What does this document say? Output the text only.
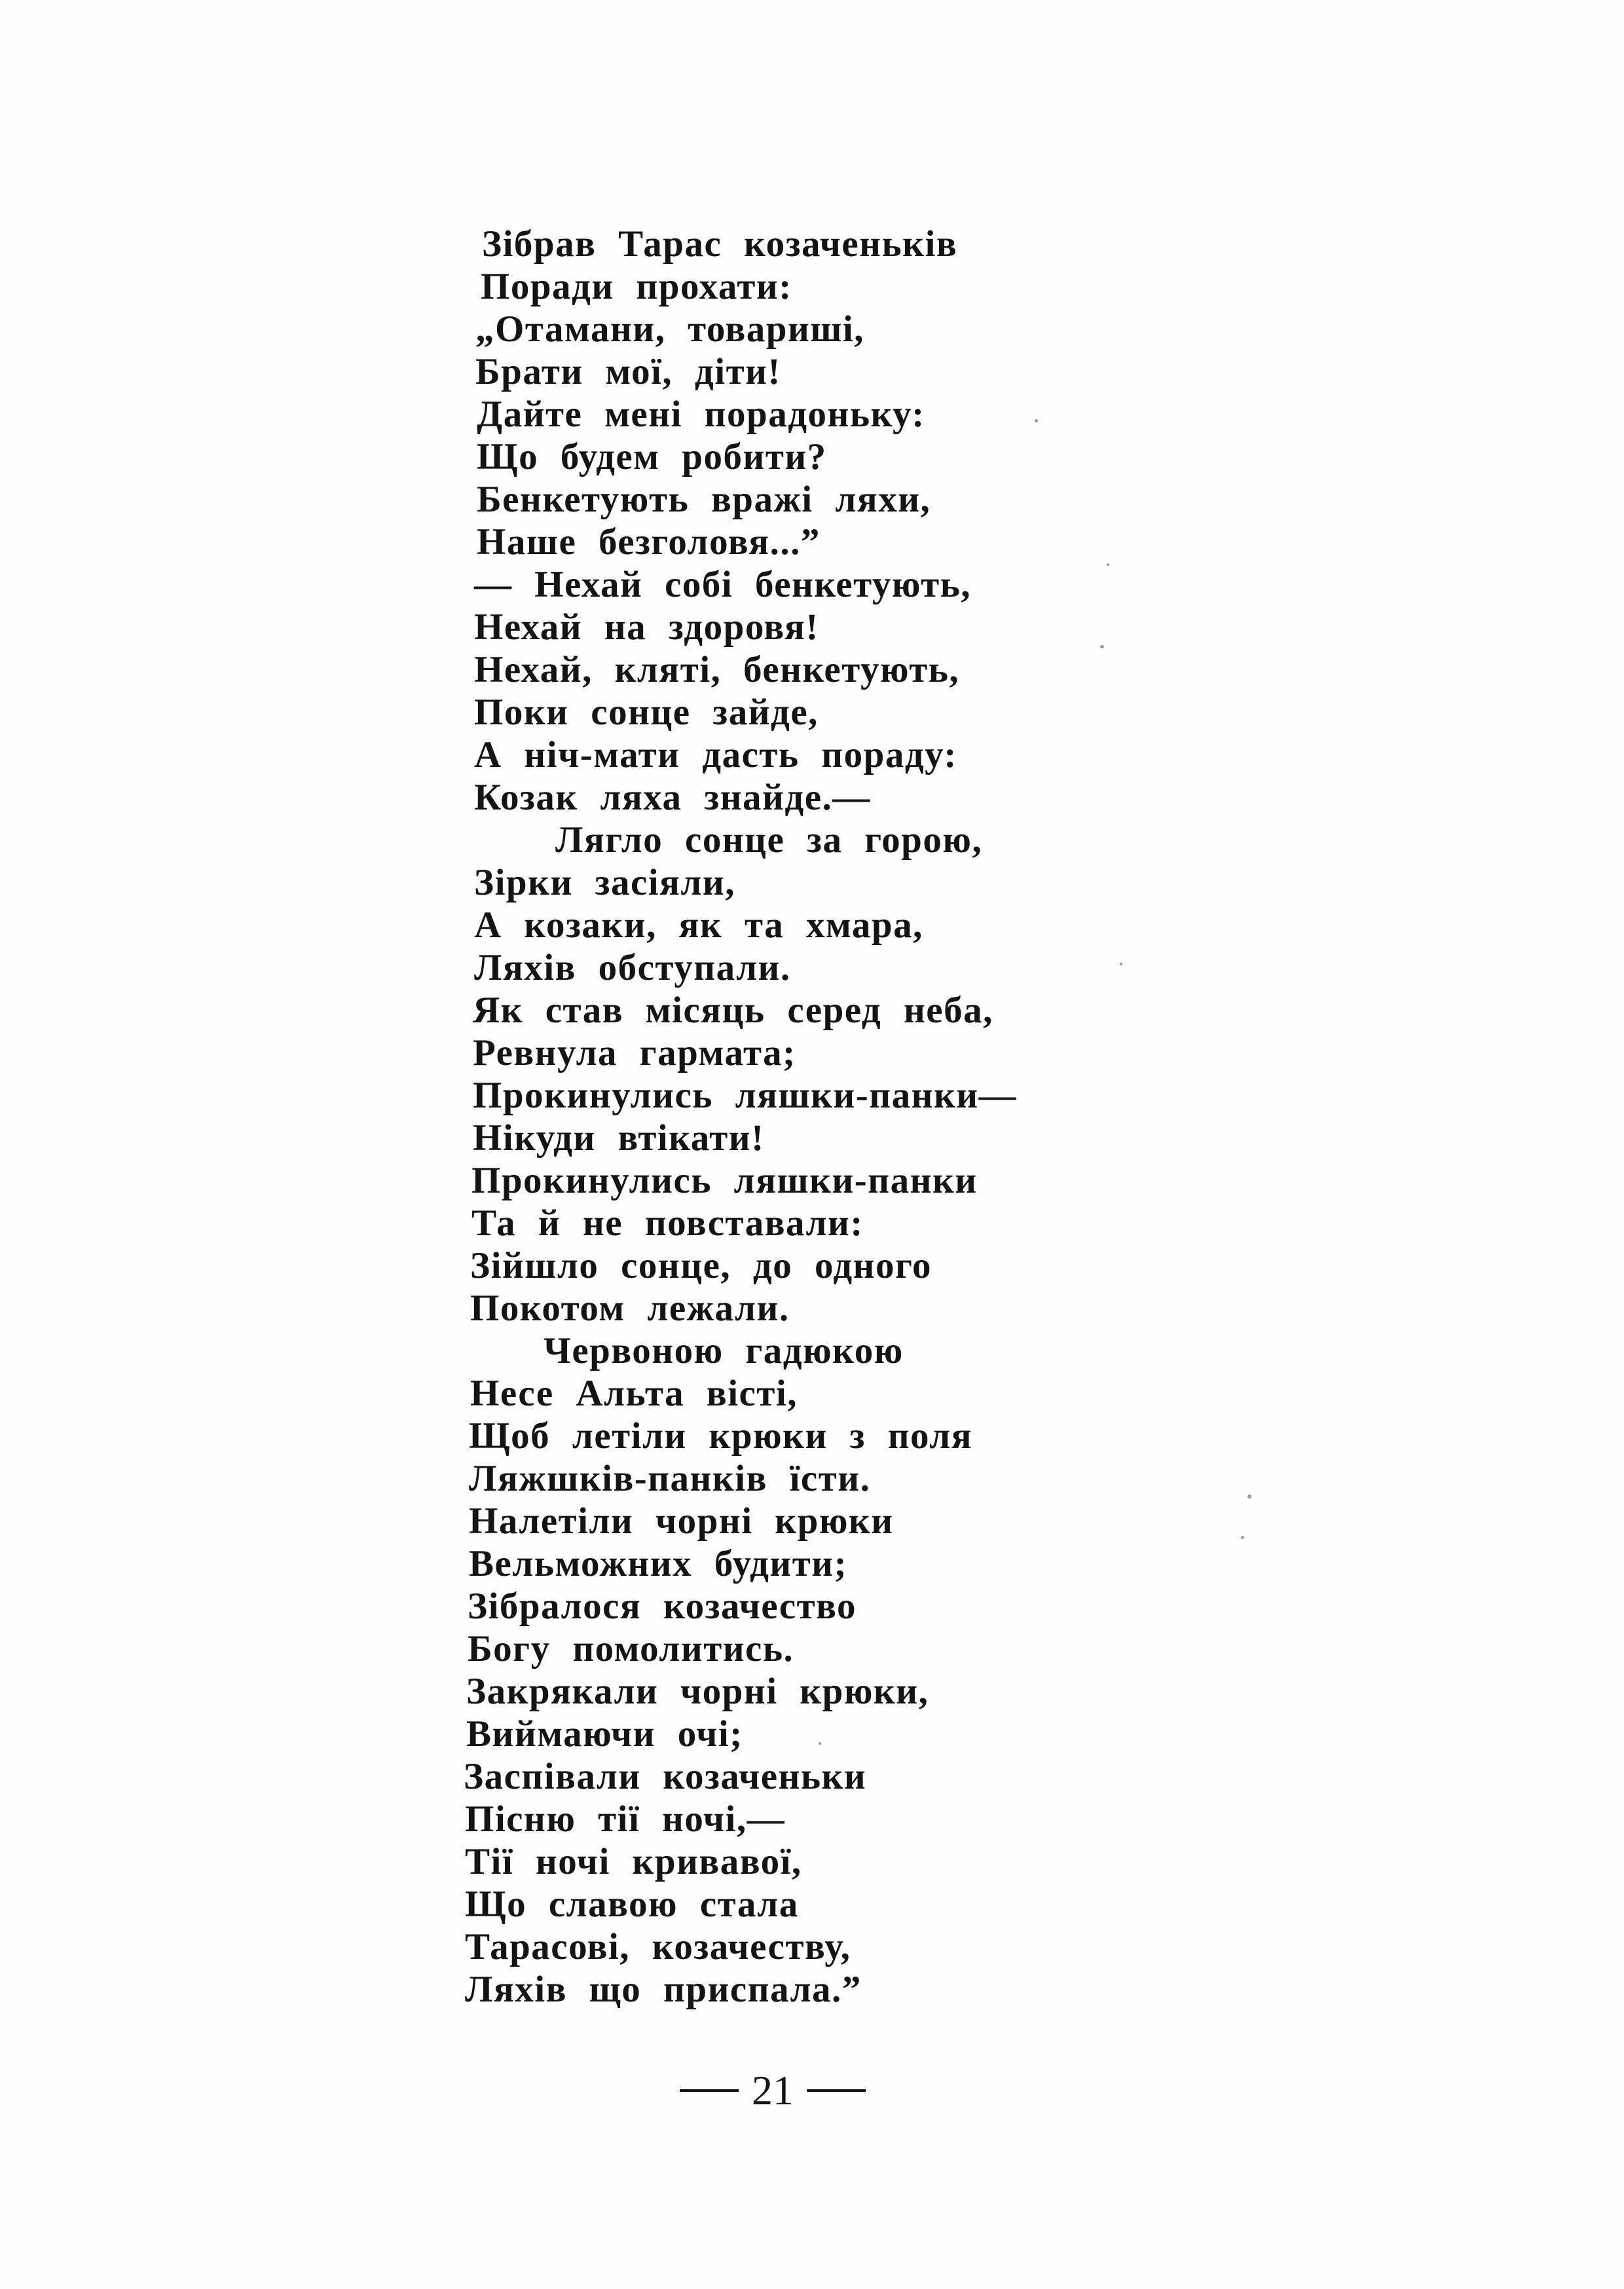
Зібрав Тарас козаченьків
Поради прохати:
„Отамани, товариші,
Брати мої, діти!
Дайте мені порадоньку:
Що будем робити?
Бенкетують вражі ляхи,
Наше безголовя...”
— Нехай собі бенкетують,
Нехай на здоровя!
Нехай, кляті, бенкетують,
Поки сонце зайде,
А ніч-мати дасть пораду:
Козак ляха знайде.—
Лягло сонце за горою,
Зірки засіяли,
А козаки, як та хмара,
Ляхів обступали.
Як став місяць серед неба,
Ревнула гармата;
Прокинулись ляшки-панки—
Нікуди втікати!
Прокинулись ляшки-панки
Та й не повставали:
Зійшло сонце, до одного
Покотом лежали.
Червоною гадюкою
Несе Альта вісті,
Щоб летіли крюки з поля
Ляжшків-панків їсти.
Налетіли чорні крюки
Вельможних будити;
Зібралося козачество
Богу помолитись.
Закрякали чорні крюки,
Виймаючи очі;
Заспівали козаченьки
Пісню тії ночі,—
Тії ночі кривавої,
Що славою стала
Тарасові, козачеству,
Ляхів що приспала.”
21
